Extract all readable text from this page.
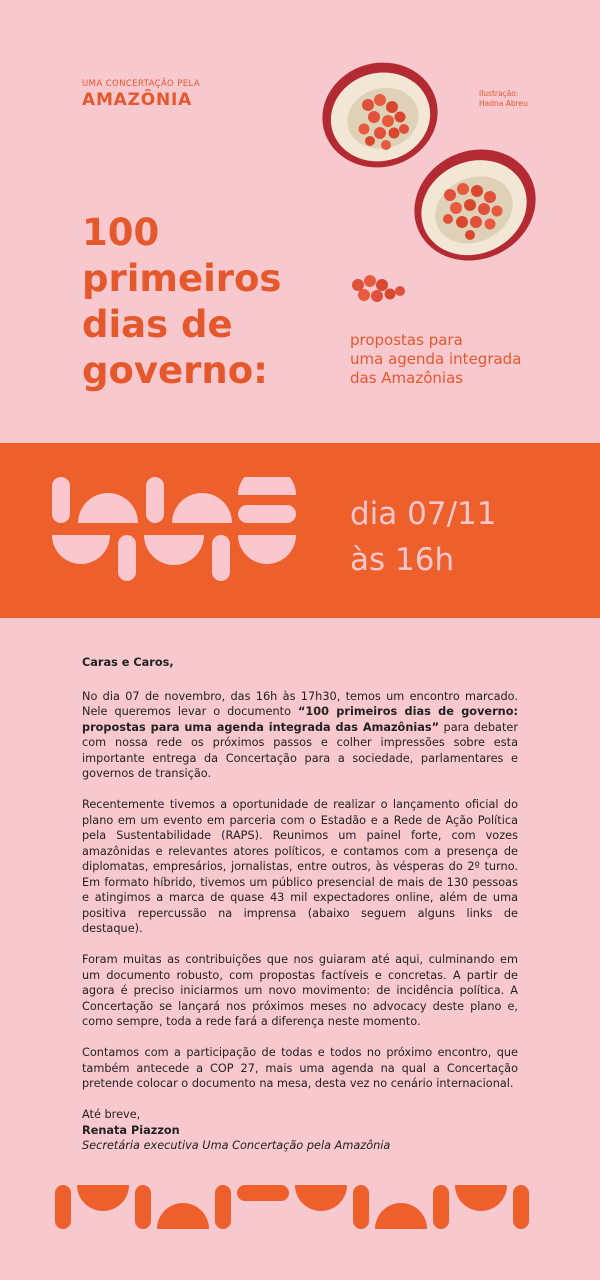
UMA CONCERTAÇÃO PELA
AMAZÔNIA	Ilustração:
Hadna Abreu
100
primeiros
dias de
governo:
propostas para
uma agenda integrada
das Amazônias
dia 07/11
às 16h

Caras e Caros,

No dia 07 de novembro, das 16h às 17h30, temos um encontro marcado. Nele queremos levar o documento “100 primeiros dias de governo: propostas para uma agenda integrada das Amazônias” para debater com nossa rede os próximos passos e colher impressões sobre esta importante entrega da Concertação para a sociedade, parlamentares e governos de transição.

Recentemente tivemos a oportunidade de realizar o lançamento oficial do plano em um evento em parceria com o Estadão e a Rede de Ação Política pela Sustentabilidade (RAPS). Reunimos um painel forte, com vozes amazônidas e relevantes atores políticos, e contamos com a presença de diplomatas, empresários, jornalistas, entre outros, às vésperas do 2º turno. Em formato híbrido, tivemos um público presencial de mais de 130 pessoas e atingimos a marca de quase 43 mil expectadores online, além de uma positiva repercussão na imprensa (abaixo seguem alguns links de destaque).

Foram muitas as contribuições que nos guiaram até aqui, culminando em um documento robusto, com propostas factíveis e concretas. A partir de agora é preciso iniciarmos um novo movimento: de incidência política. A Concertação se lançará nos próximos meses no advocacy deste plano e, como sempre, toda a rede fará a diferença neste momento.

Contamos com a participação de todas e todos no próximo encontro, que também antecede a COP 27, mais uma agenda na qual a Concertação pretende colocar o documento na mesa, desta vez no cenário internacional.

Até breve,

Renata Piazzon

Secretária executiva Uma Concertação pela Amazônia
